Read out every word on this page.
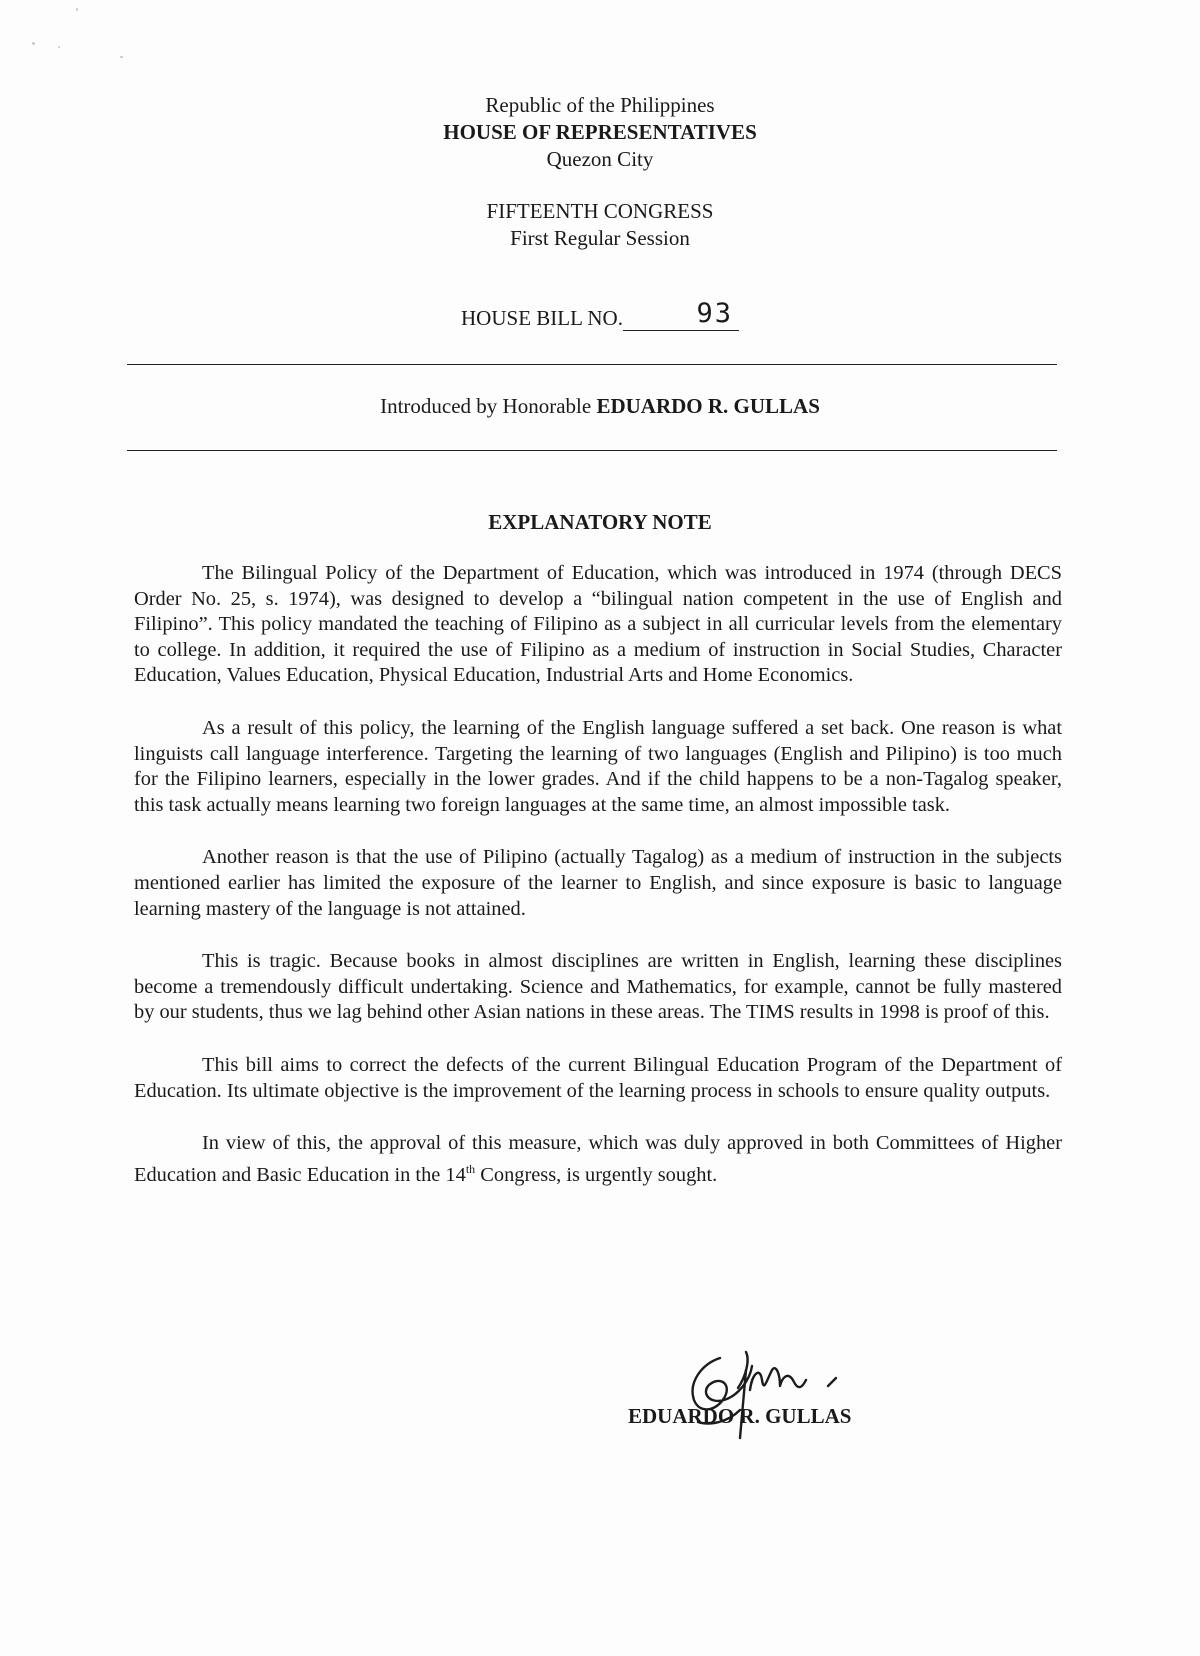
Republic of the Philippines
HOUSE OF REPRESENTATIVES
Quezon City
FIFTEENTH CONGRESS
First Regular Session
HOUSE BILL NO.	93
Introduced by Honorable EDUARDO R. GULLAS
EXPLANATORY NOTE

The Bilingual Policy of the Department of Education, which was introduced in 1974 (through DECS Order No. 25, s. 1974), was designed to develop a “bilingual nation competent in the use of English and Filipino”. This policy mandated the teaching of Filipino as a subject in all curricular levels from the elementary to college. In addition, it required the use of Filipino as a medium of instruction in Social Studies, Character Education, Values Education, Physical Education, Industrial Arts and Home Economics.

As a result of this policy, the learning of the English language suffered a set back. One reason is what linguists call language interference. Targeting the learning of two languages (English and Pilipino) is too much for the Filipino learners, especially in the lower grades. And if the child happens to be a non-Tagalog speaker, this task actually means learning two foreign languages at the same time, an almost impossible task.

Another reason is that the use of Pilipino (actually Tagalog) as a medium of instruction in the subjects mentioned earlier has limited the exposure of the learner to English, and since exposure is basic to language learning mastery of the language is not attained.

This is tragic. Because books in almost disciplines are written in English, learning these disciplines become a tremendously difficult undertaking. Science and Mathematics, for example, cannot be fully mastered by our students, thus we lag behind other Asian nations in these areas. The TIMS results in 1998 is proof of this.

This bill aims to correct the defects of the current Bilingual Education Program of the Department of Education. Its ultimate objective is the improvement of the learning process in schools to ensure quality outputs.

In view of this, the approval of this measure, which was duly approved in both Committees of Higher Education and Basic Education in the 14th Congress, is urgently sought.

EDUARDO R. GULLAS
